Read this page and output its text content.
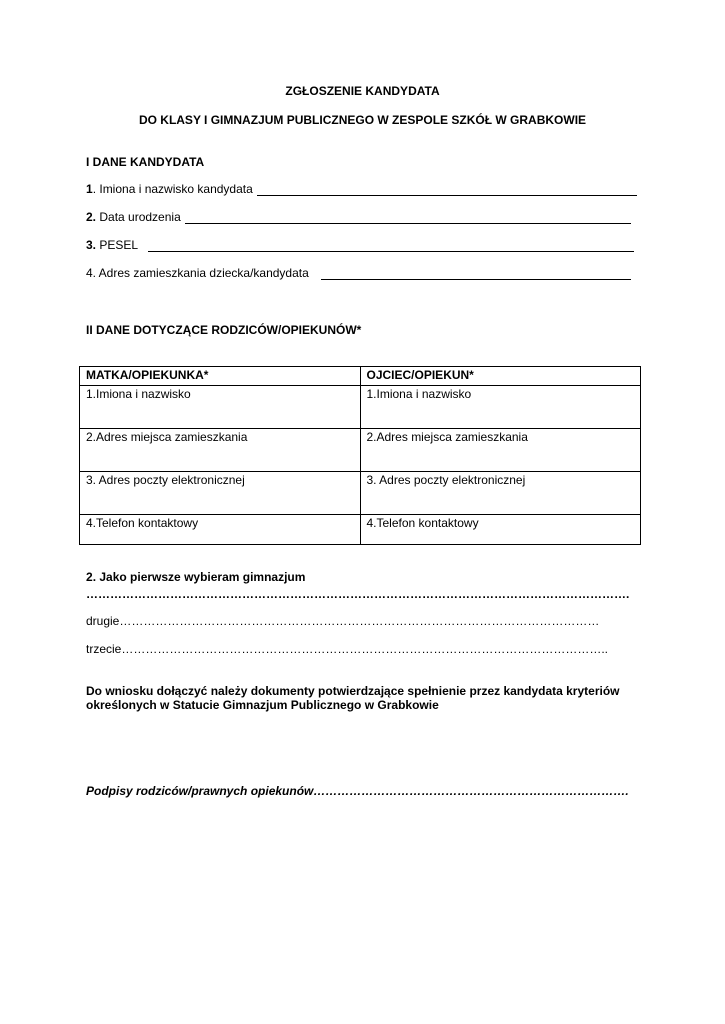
ZGŁOSZENIE KANDYDATA
DO KLASY I GIMNAZJUM PUBLICZNEGO W ZESPOLE SZKÓŁ W GRABKOWIE
I DANE KANDYDATA
1. Imiona i nazwisko kandydata
2. Data urodzenia
3. PESEL
4. Adres zamieszkania dziecka/kandydata
II DANE DOTYCZĄCE RODZICÓW/OPIEKUNÓW*
MATKA/OPIEKUNKA*	OJCIEC/OPIEKUN*
1.Imiona i nazwisko	1.Imiona i nazwisko
2.Adres miejsca zamieszkania	2.Adres miejsca zamieszkania
3. Adres poczty elektronicznej	3. Adres poczty elektronicznej
4.Telefon kontaktowy	4.Telefon kontaktowy
2. Jako pierwsze wybieram gimnazjum
……………………………………………………………………………………………………………………….
drugie…………………………………………………………………………………………………………
trzecie…………………………………………………………………………………………………………..
Do wniosku dołączyć należy dokumenty potwierdzające spełnienie przez kandydata kryteriów
określonych w Statucie Gimnazjum Publicznego w Grabkowie
Podpisy rodziców/prawnych opiekunów…………………………………………………………………….
